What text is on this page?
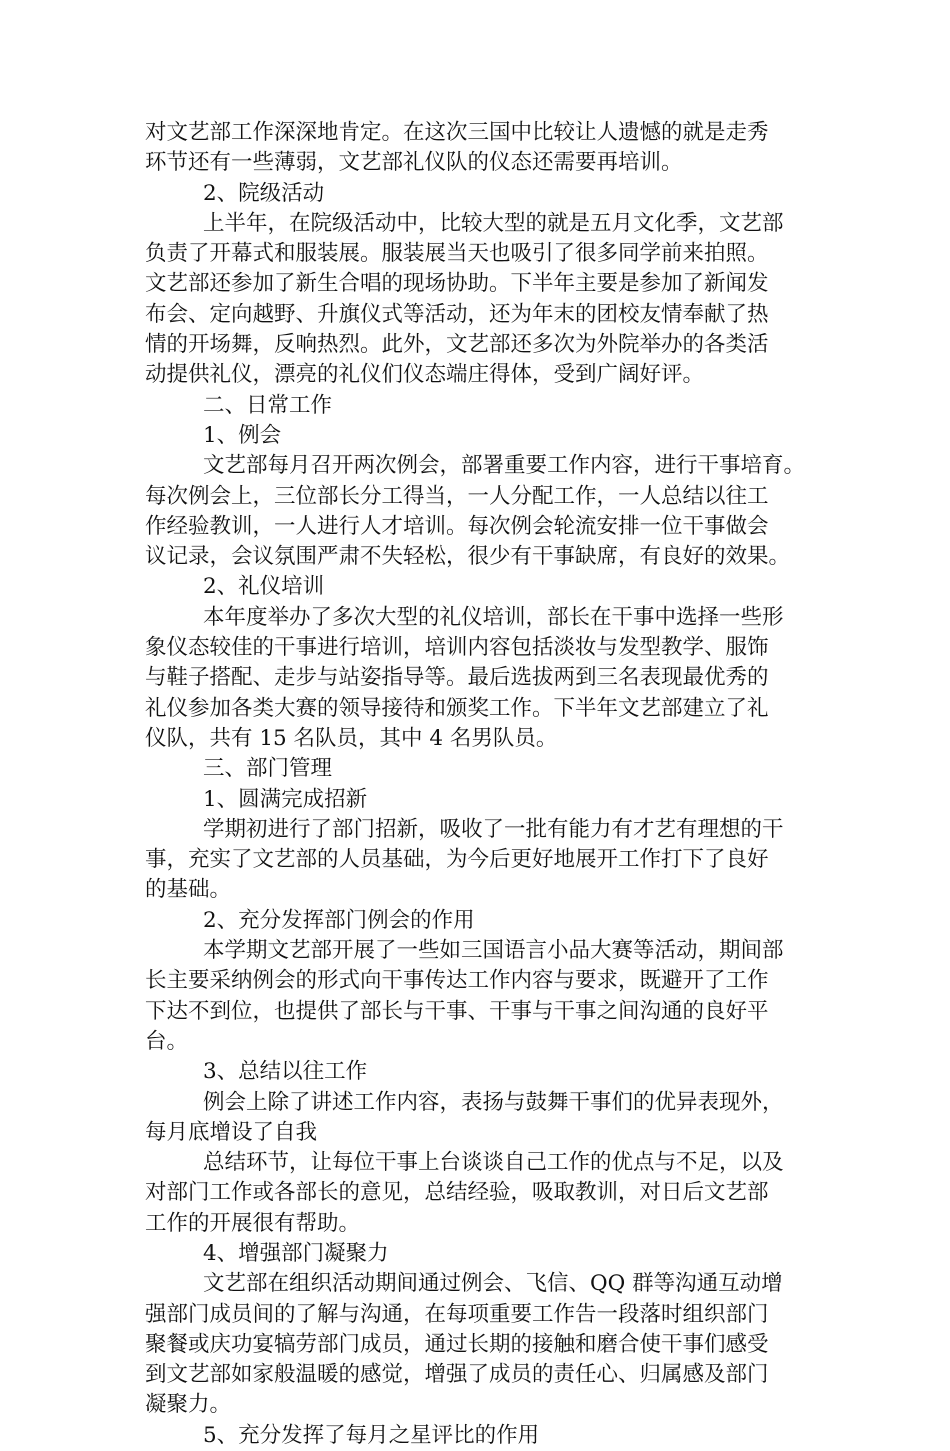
对文艺部工作深深地肯定。在这次三国中比较让人遗憾的就是走秀
环节还有一些薄弱，文艺部礼仪队的仪态还需要再培训。
2、院级活动
上半年，在院级活动中，比较大型的就是五月文化季，文艺部
负责了开幕式和服装展。服装展当天也吸引了很多同学前来拍照。
文艺部还参加了新生合唱的现场协助。下半年主要是参加了新闻发
布会、定向越野、升旗仪式等活动，还为年末的团校友情奉献了热
情的开场舞，反响热烈。此外，文艺部还多次为外院举办的各类活
动提供礼仪，漂亮的礼仪们仪态端庄得体，受到广阔好评。
二、日常工作
1、例会
文艺部每月召开两次例会，部署重要工作内容，进行干事培育。
每次例会上，三位部长分工得当，一人分配工作，一人总结以往工
作经验教训，一人进行人才培训。每次例会轮流安排一位干事做会
议记录，会议氛围严肃不失轻松，很少有干事缺席，有良好的效果。
2、礼仪培训
本年度举办了多次大型的礼仪培训，部长在干事中选择一些形
象仪态较佳的干事进行培训，培训内容包括淡妆与发型教学、服饰
与鞋子搭配、走步与站姿指导等。最后选拔两到三名表现最优秀的
礼仪参加各类大赛的领导接待和颁奖工作。下半年文艺部建立了礼
仪队，共有 15 名队员，其中 4 名男队员。
三、部门管理
1、圆满完成招新
学期初进行了部门招新，吸收了一批有能力有才艺有理想的干
事，充实了文艺部的人员基础，为今后更好地展开工作打下了良好
的基础。
2、充分发挥部门例会的作用
本学期文艺部开展了一些如三国语言小品大赛等活动，期间部
长主要采纳例会的形式向干事传达工作内容与要求，既避开了工作
下达不到位，也提供了部长与干事、干事与干事之间沟通的良好平
台。
3、总结以往工作
例会上除了讲述工作内容，表扬与鼓舞干事们的优异表现外，
每月底增设了自我
总结环节，让每位干事上台谈谈自己工作的优点与不足，以及
对部门工作或各部长的意见，总结经验，吸取教训，对日后文艺部
工作的开展很有帮助。
4、增强部门凝聚力
文艺部在组织活动期间通过例会、飞信、QQ 群等沟通互动增
强部门成员间的了解与沟通，在每项重要工作告一段落时组织部门
聚餐或庆功宴犒劳部门成员，通过长期的接触和磨合使干事们感受
到文艺部如家般温暖的感觉，增强了成员的责任心、归属感及部门
凝聚力。
5、充分发挥了每月之星评比的作用
